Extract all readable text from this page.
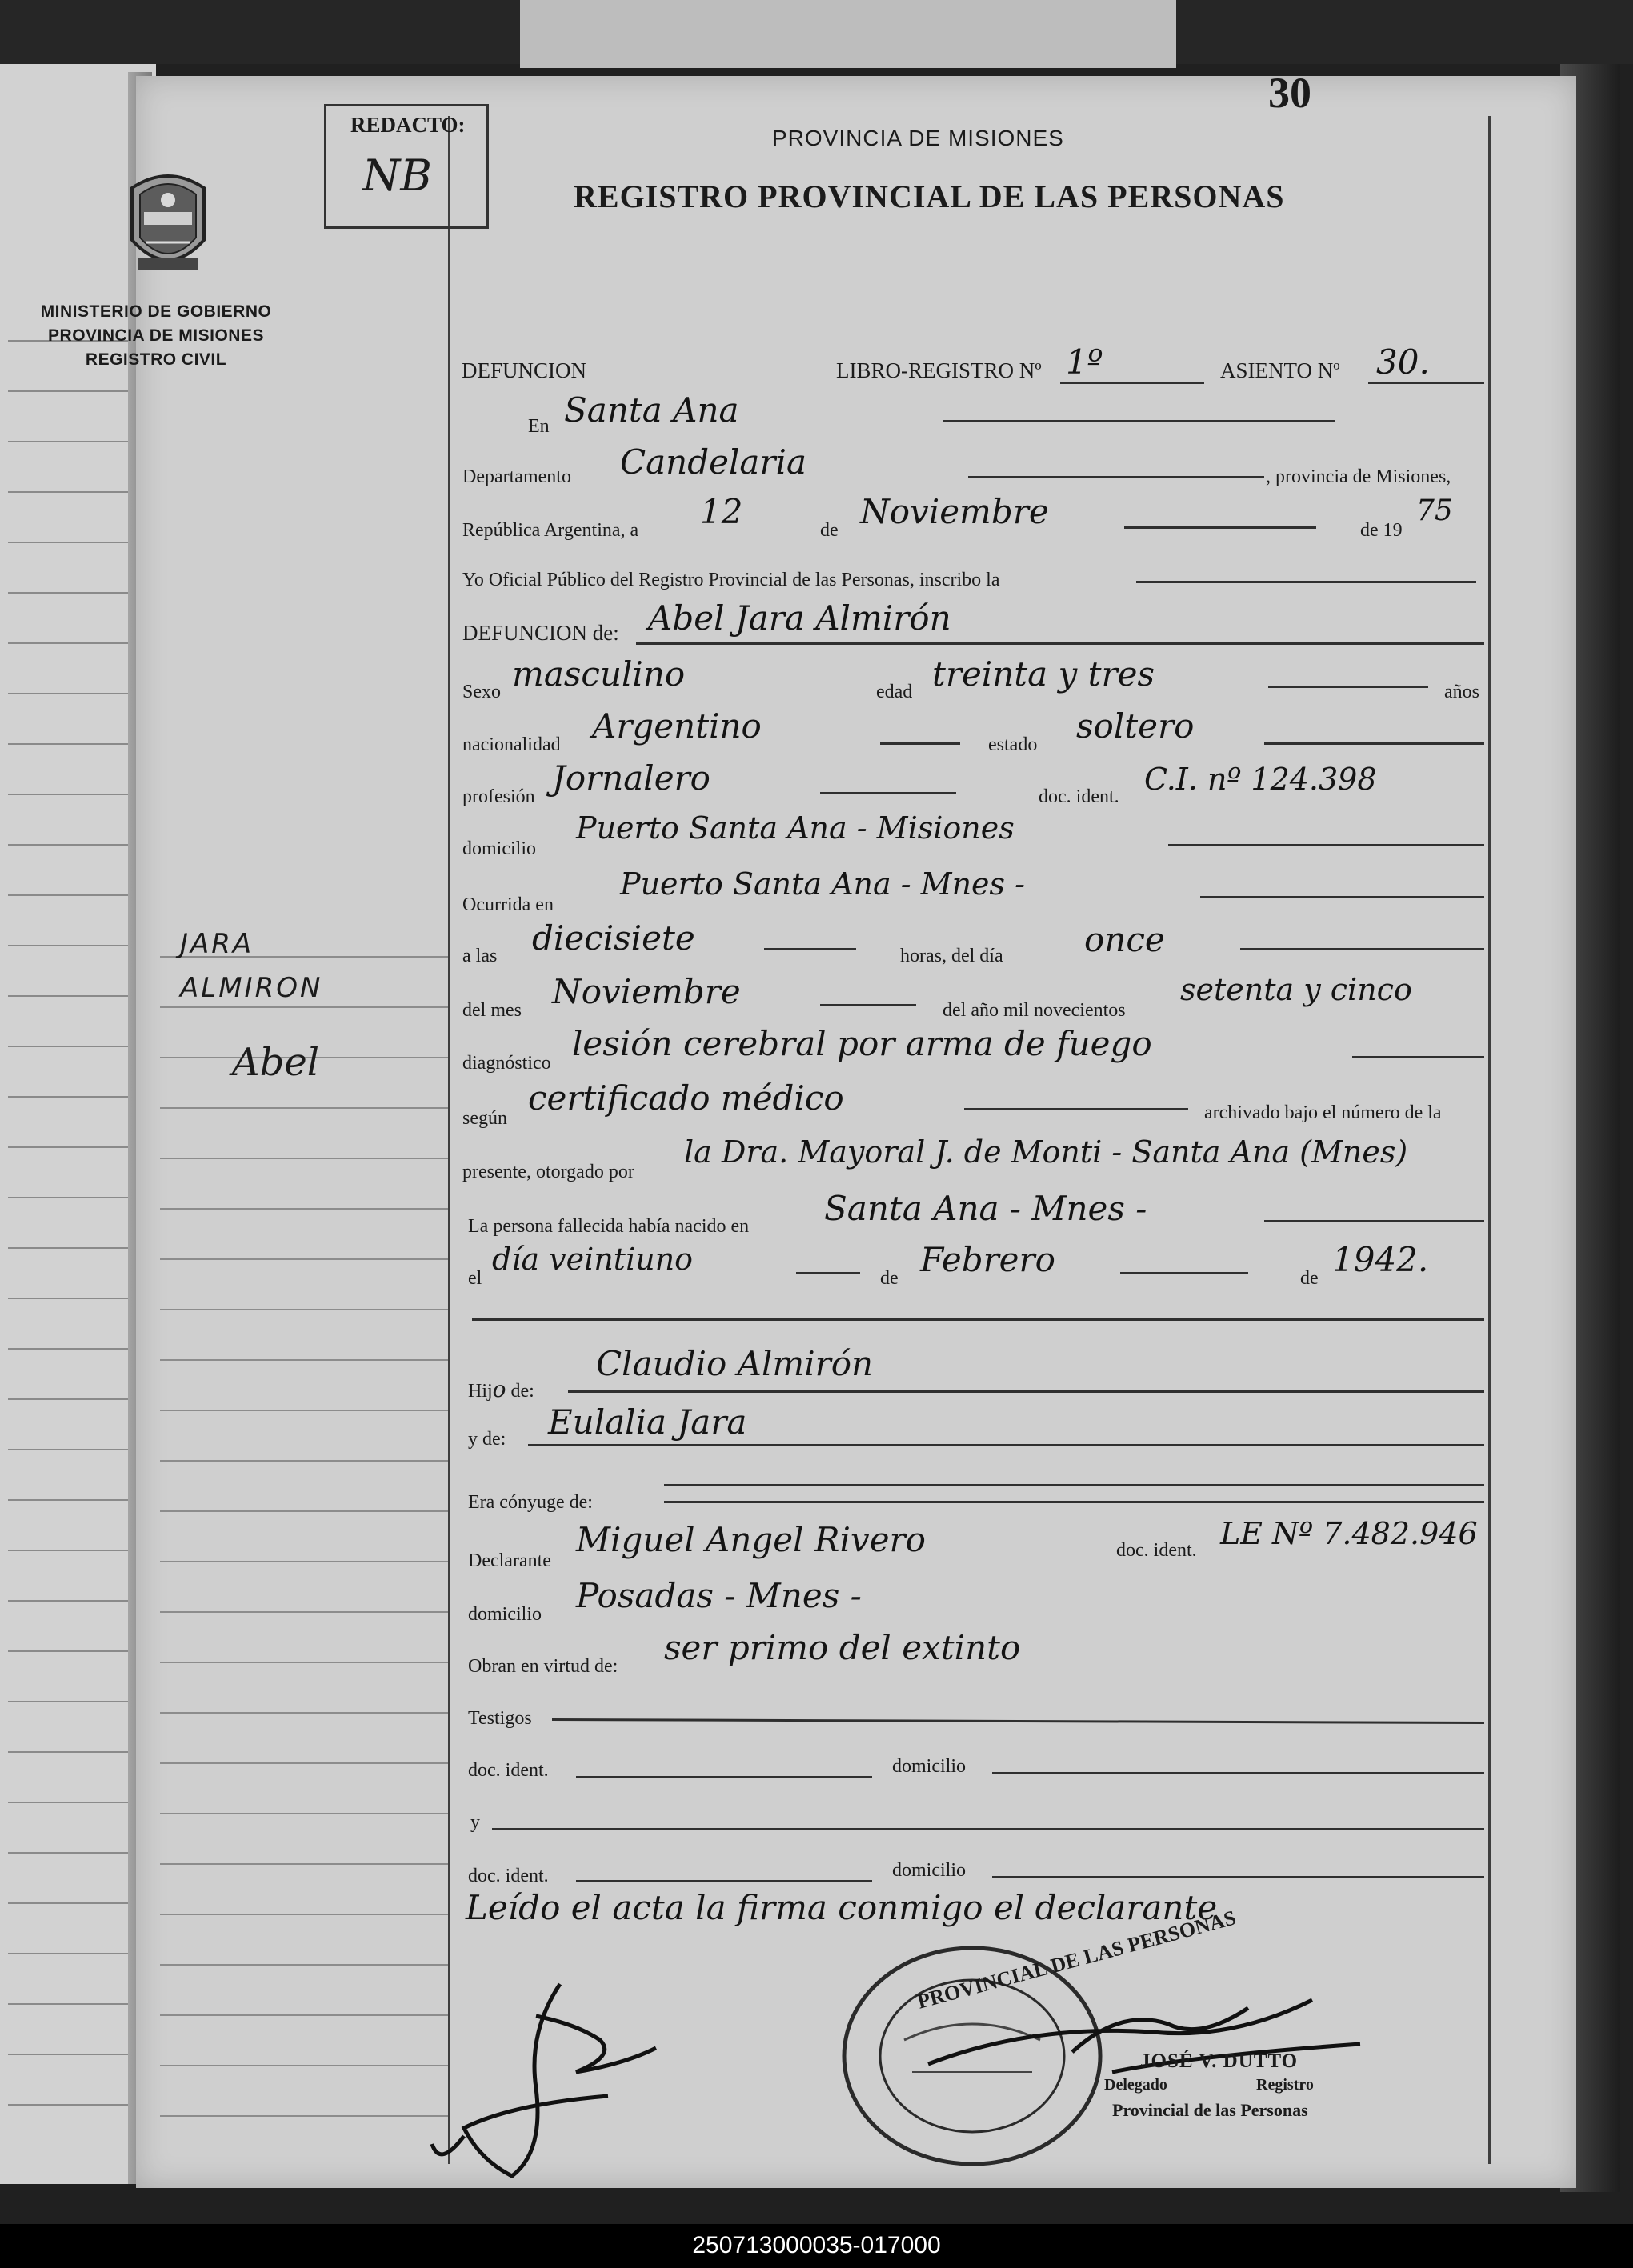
30
REDACTO:
NB
MINISTERIO DE GOBIERNO
PROVINCIA DE MISIONES
REGISTRO CIVIL
PROVINCIA DE MISIONES
REGISTRO PROVINCIAL DE LAS PERSONAS
DEFUNCION	LIBRO-REGISTRO Nº 1º	ASIENTO Nº 30.
En Santa Ana
Departamento Candelaria	, provincia de Misiones,
República Argentina, a 12	de Noviembre	de 19
75
Yo Oficial Público del Registro Provincial de las Personas, inscribo la
DEFUNCION de: Abel Jara Almirón
Sexo masculino	edad treinta y tres	años
nacionalidad Argentino	estado soltero
profesión Jornalero	doc. ident. C.I. nº 124.398
domicilio
Puerto Santa Ana - Misiones
Ocurrida en
Puerto Santa Ana - Mnes -
a las diecisiete	horas, del día once
del mes Noviembre	del año mil novecientos
setenta y cinco
diagnóstico lesión cerebral por arma de fuego
según
certificado médico	archivado bajo el número de la
presente, otorgado por
la Dra. Mayoral J. de Monti - Santa Ana (Mnes)
La persona fallecida había nacido en Santa Ana - Mnes -
el
día veintiuno
de Febrero	de 1942.
Hijo de:
Claudio Almirón
y de: Eulalia Jara
Era cónyuge de:
Declarante
Miguel Angel Rivero	doc. ident. LE Nº 7.482.946
domicilio Posadas - Mnes -
Obran en virtud de: ser primo del extinto
Testigos
doc. ident.	domicilio
y
doc. ident.	domicilio
Leído el acta la firma conmigo el declarante
JARA
ALMIRON
Abel
PROVINCIAL DE LAS PERSONAS
JOSÉ V. DUTTO
Delegado	Registro
Provincial de las Personas
250713000035-017000
